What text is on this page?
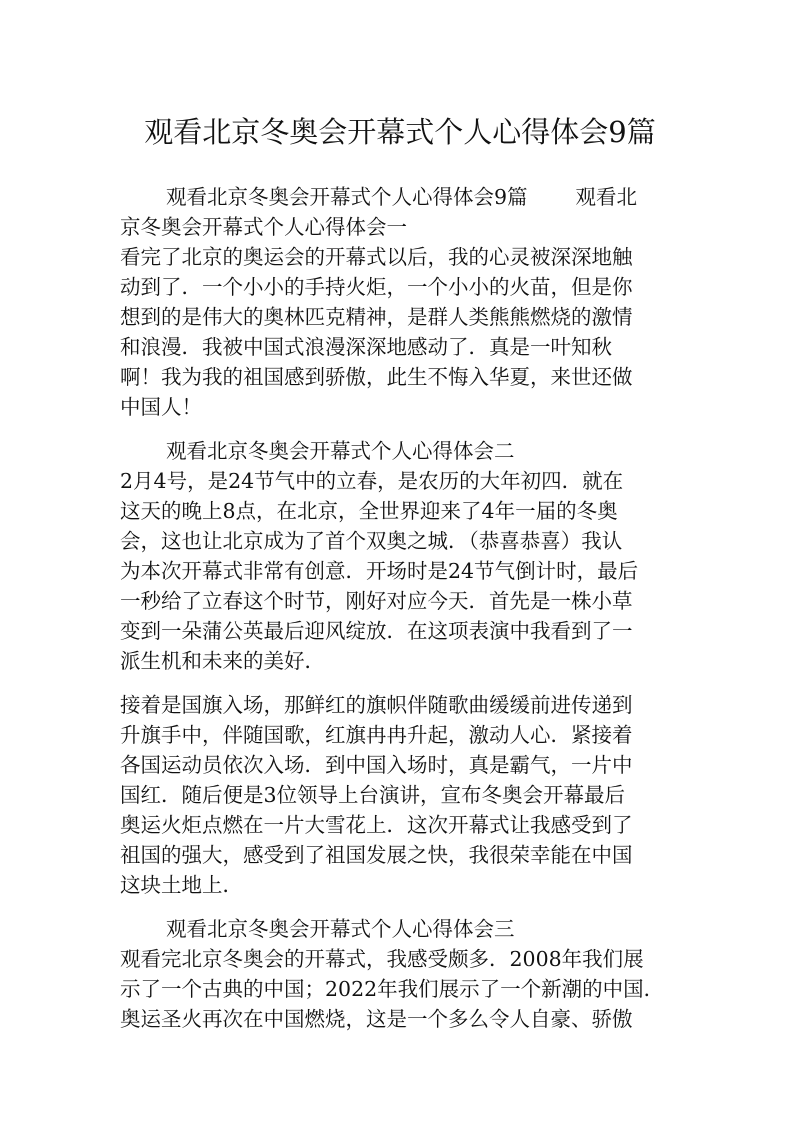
观看北京冬奥会开幕式个人心得体会9篇

观看北京冬奥会开幕式个人心得体会9篇 观看北

京冬奥会开幕式个人心得体会一

看完了北京的奥运会的开幕式以后，我的心灵被深深地触

动到了．一个小小的手持火炬，一个小小的火苗，但是你

想到的是伟大的奥林匹克精神，是群人类熊熊燃烧的激情

和浪漫．我被中国式浪漫深深地感动了．真是一叶知秋

啊！我为我的祖国感到骄傲，此生不悔入华夏，来世还做

中国人！

观看北京冬奥会开幕式个人心得体会二

2月4号，是24节气中的立春，是农历的大年初四．就在

这天的晚上8点，在北京，全世界迎来了4年一届的冬奥

会，这也让北京成为了首个双奥之城．（恭喜恭喜）我认

为本次开幕式非常有创意．开场时是24节气倒计时，最后

一秒给了立春这个时节，刚好对应今天．首先是一株小草

变到一朵蒲公英最后迎风绽放．在这项表演中我看到了一

派生机和未来的美好．

接着是国旗入场，那鲜红的旗帜伴随歌曲缓缓前进传递到

升旗手中，伴随国歌，红旗冉冉升起，激动人心．紧接着

各国运动员依次入场．到中国入场时，真是霸气，一片中

国红．随后便是3位领导上台演讲，宣布冬奥会开幕最后

奥运火炬点燃在一片大雪花上．这次开幕式让我感受到了

祖国的强大，感受到了祖国发展之快，我很荣幸能在中国

这块土地上．

观看北京冬奥会开幕式个人心得体会三

观看完北京冬奥会的开幕式，我感受颇多．2008年我们展

示了一个古典的中国；2022年我们展示了一个新潮的中国．

奥运圣火再次在中国燃烧，这是一个多么令人自豪、骄傲
